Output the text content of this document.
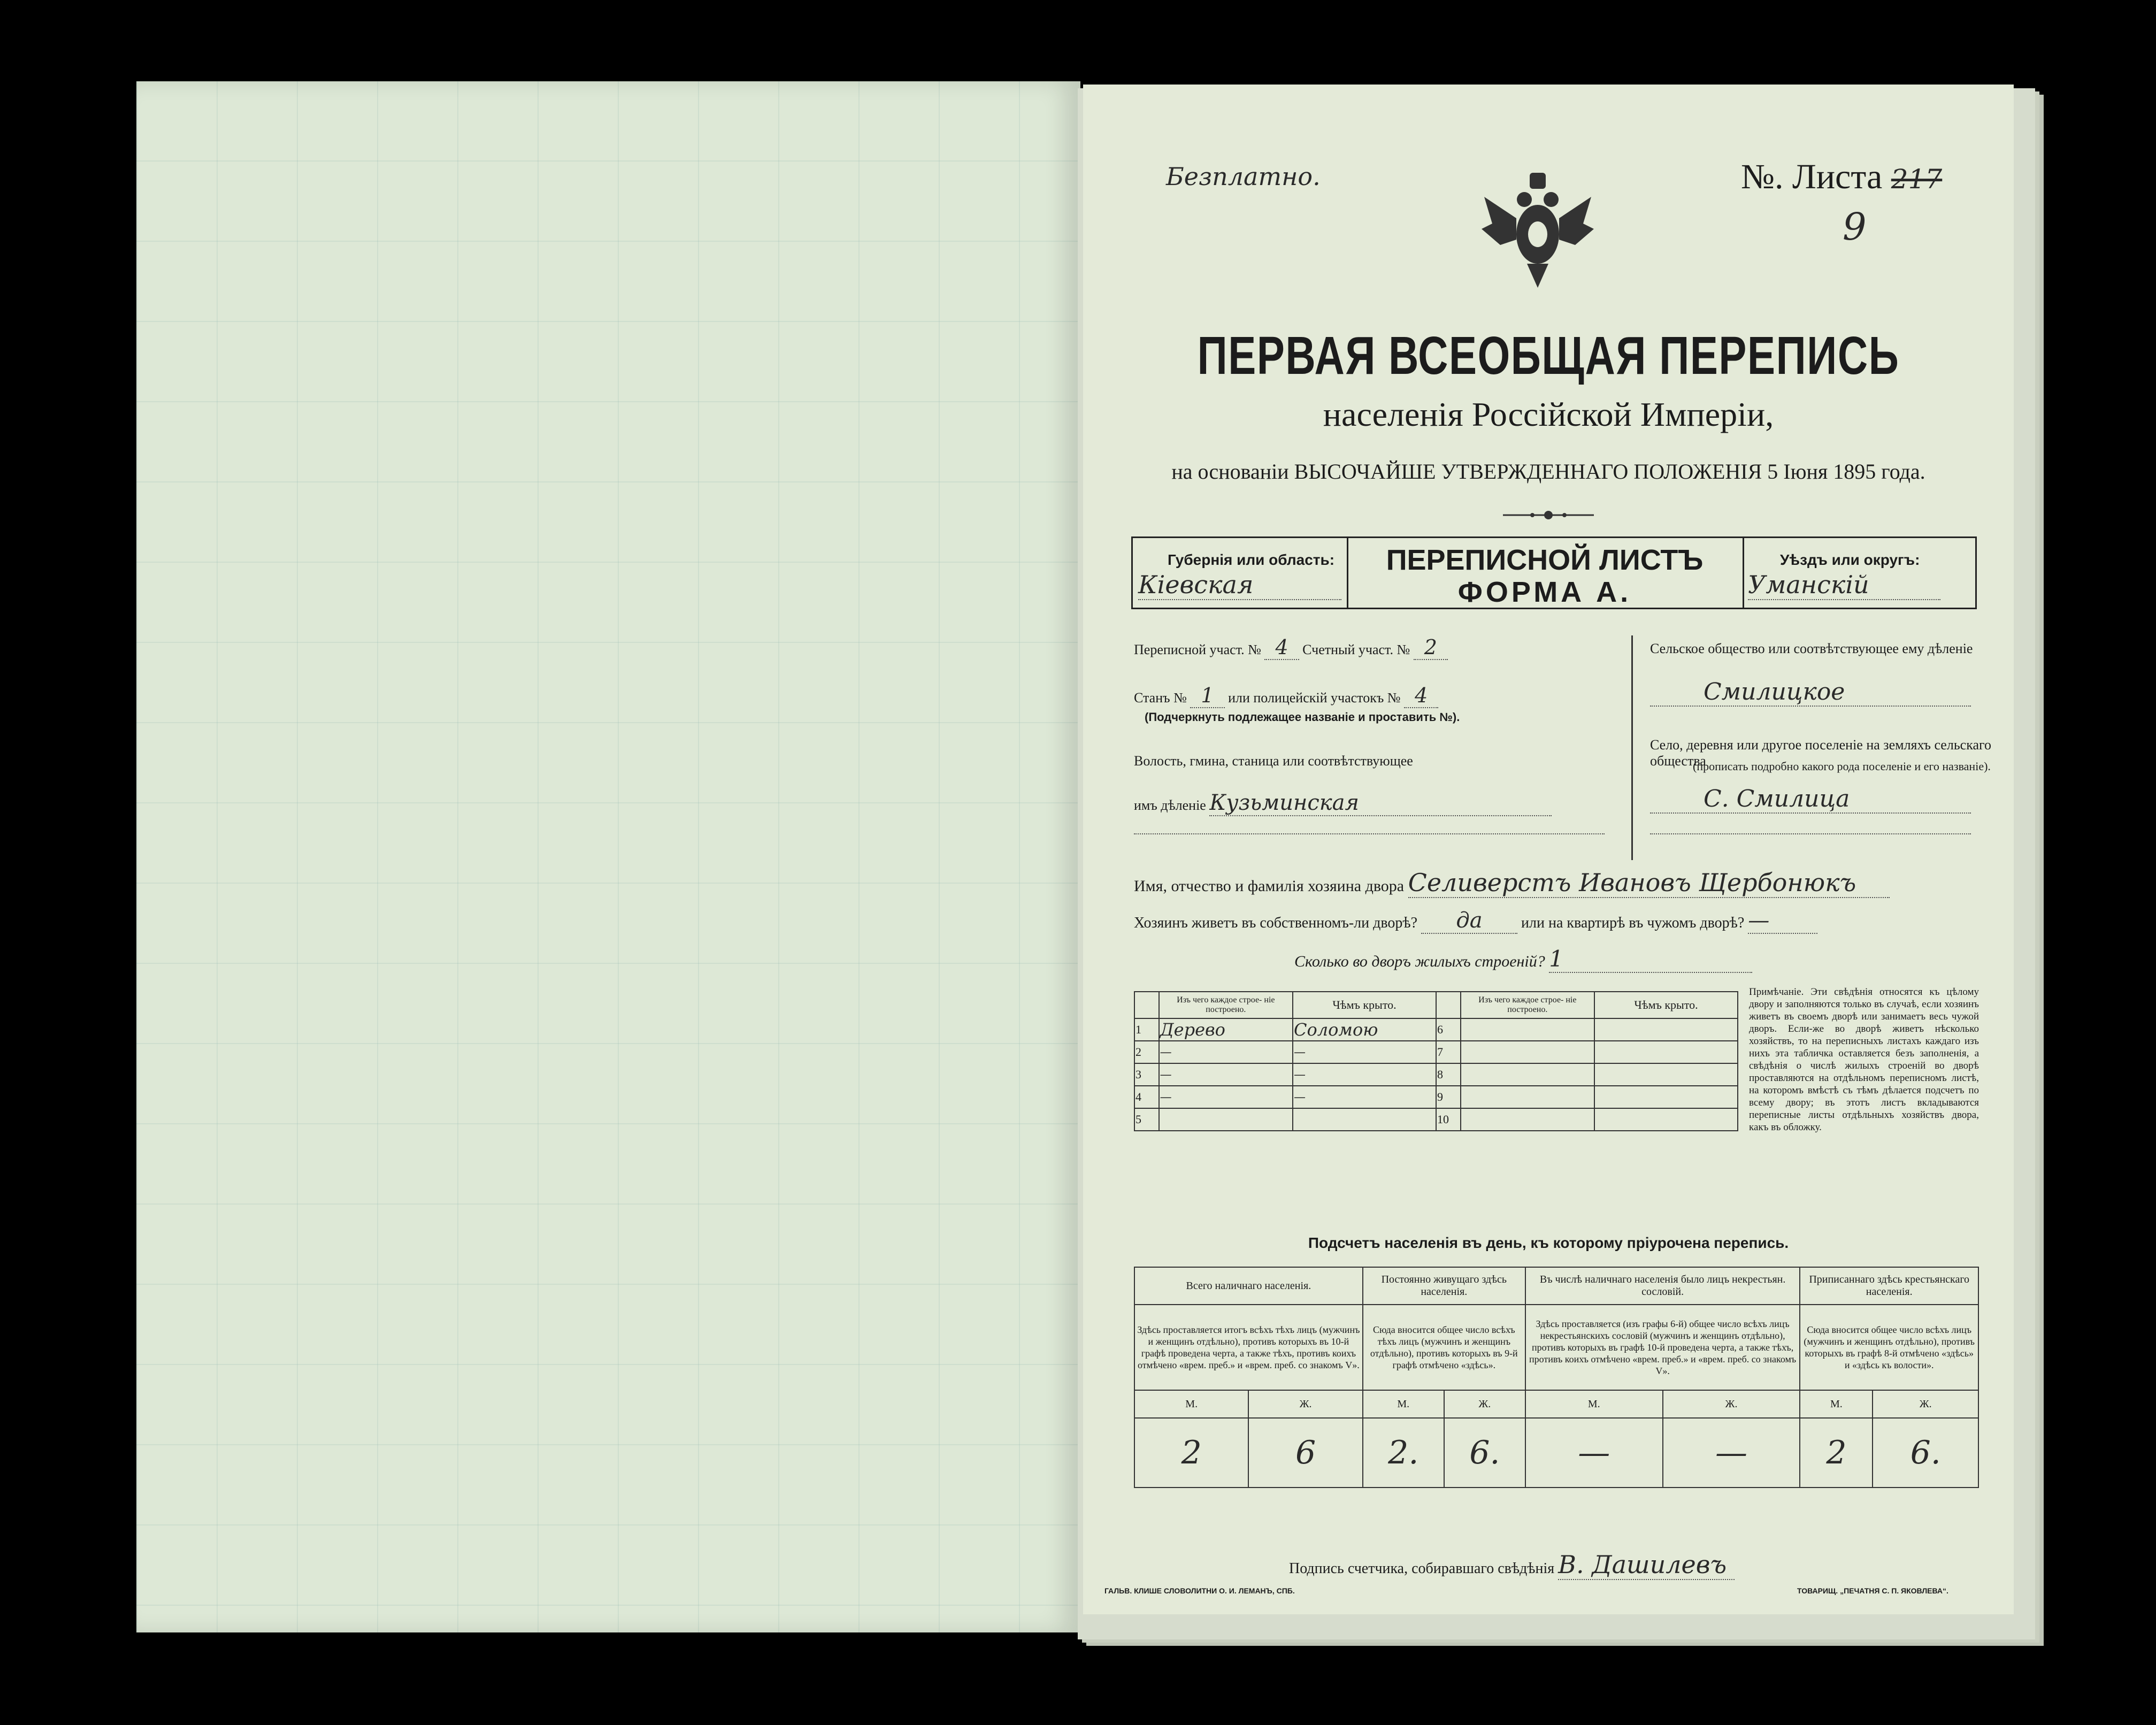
Безплатно.	№. Листа 217
9
ПЕРВАЯ ВСЕОБЩАЯ ПЕРЕПИСЬ
населенія Россійской Имперіи,
на основаніи ВЫСОЧАЙШЕ УТВЕРЖДЕННАГО ПОЛОЖЕНІЯ 5 Іюня 1895 года.
Губернія или область:
Кіевская
ПЕРЕПИСНОЙ ЛИСТЪ
ФОРМА А.
Уѣздъ или округъ:
Уманскій
Переписной участ. № 4 Счетный участ. № 2
Станъ № 1 или полицейскій участокъ № 4
(Подчеркнуть подлежащее названіе и проставить №).
Волость, гмина, станица или соотвѣтствующее
имъ дѣленіе Кузьминская
Сельское общество или соотвѣтствующее ему дѣленіе
Смилицкое
Село, деревня или другое поселеніе на земляхъ сельскаго общества
(прописать подробно какого рода поселеніе и его названіе).
С. Смилица
Имя, отчество и фамилія хозяина двора Селиверстъ Ивановъ Щербонюкъ
Хозяинъ живетъ въ собственномъ-ли дворѣ? да	или на квартирѣ въ чужомъ дворѣ? —
Сколько во дворъ жилыхъ строеній? 1
	Изъ чего каждое строе- ніе построено.	Чѣмъ крыто.		Изъ чего каждое строе- ніе построено.	Чѣмъ крыто.
1	Деревo	Соломою	6		
2	—	—	7		
3	—	—	8		
4	—	—	9		
5			10		
Примѣчаніе. Эти свѣдѣнія относятся къ цѣлому двору и заполняются только въ случаѣ, если хозяинъ живетъ въ своемъ дворѣ или занимаетъ весь чужой дворъ. Если-же во дворѣ живетъ нѣсколько хозяйствъ, то на переписныхъ листахъ каждаго изъ нихъ эта табличка оставляется безъ заполненія, а свѣдѣнія о числѣ жилыхъ строеній во дворѣ проставляются на отдѣльномъ переписномъ листѣ, на которомъ вмѣстѣ съ тѣмъ дѣлается подсчетъ по всему двору; въ этотъ листъ вкладываются переписные листы отдѣльныхъ хозяйствъ двора, какъ въ обложку.
Подсчетъ населенія въ день, къ которому пріурочена перепись.
Всего наличнаго населенія.		Постоянно живущаго здѣсь населенія.		Въ числѣ наличнаго населенія было лицъ некрестьян. сословій.		Приписаннаго здѣсь крестьянскаго населенія.	
Здѣсь проставляется итогъ всѣхъ тѣхъ лицъ (мужчинъ и женщинъ отдѣльно), противъ которыхъ въ 10-й графѣ проведена черта, а также тѣхъ, противъ коихъ отмѣчено «врем. преб.» и «врем. преб. со знакомъ V».		Сюда вносится общее число всѣхъ тѣхъ лицъ (мужчинъ и женщинъ отдѣльно), противъ которыхъ въ 9-й графѣ отмѣчено «здѣсь».		Здѣсь проставляется (изъ графы 6-й) общее число всѣхъ лицъ некрестьянскихъ сословій (мужчинъ и женщинъ отдѣльно), противъ которыхъ въ графѣ 10-й проведена черта, а также тѣхъ, противъ коихъ отмѣчено «врем. преб.» и «врем. преб. со знакомъ V».		Сюда вносится общее число всѣхъ лицъ (мужчинъ и женщинъ отдѣльно), противъ которыхъ въ графѣ 8-й отмѣчено «здѣсь» и «здѣсь къ волости».	
М.	Ж.	М.	Ж.	М.	Ж.	М.	Ж.
2	6	2.	6.	—	—	2	6.
Подпись счетчика, собиравшаго свѣдѣнія В. Дашилевъ
ГАЛЬВ. КЛИШЕ СЛОВОЛИТНИ О. И. ЛЕМАНЪ, СПБ.	ТОВАРИЩ. „ПЕЧАТНЯ С. П. ЯКОВЛЕВА“.
